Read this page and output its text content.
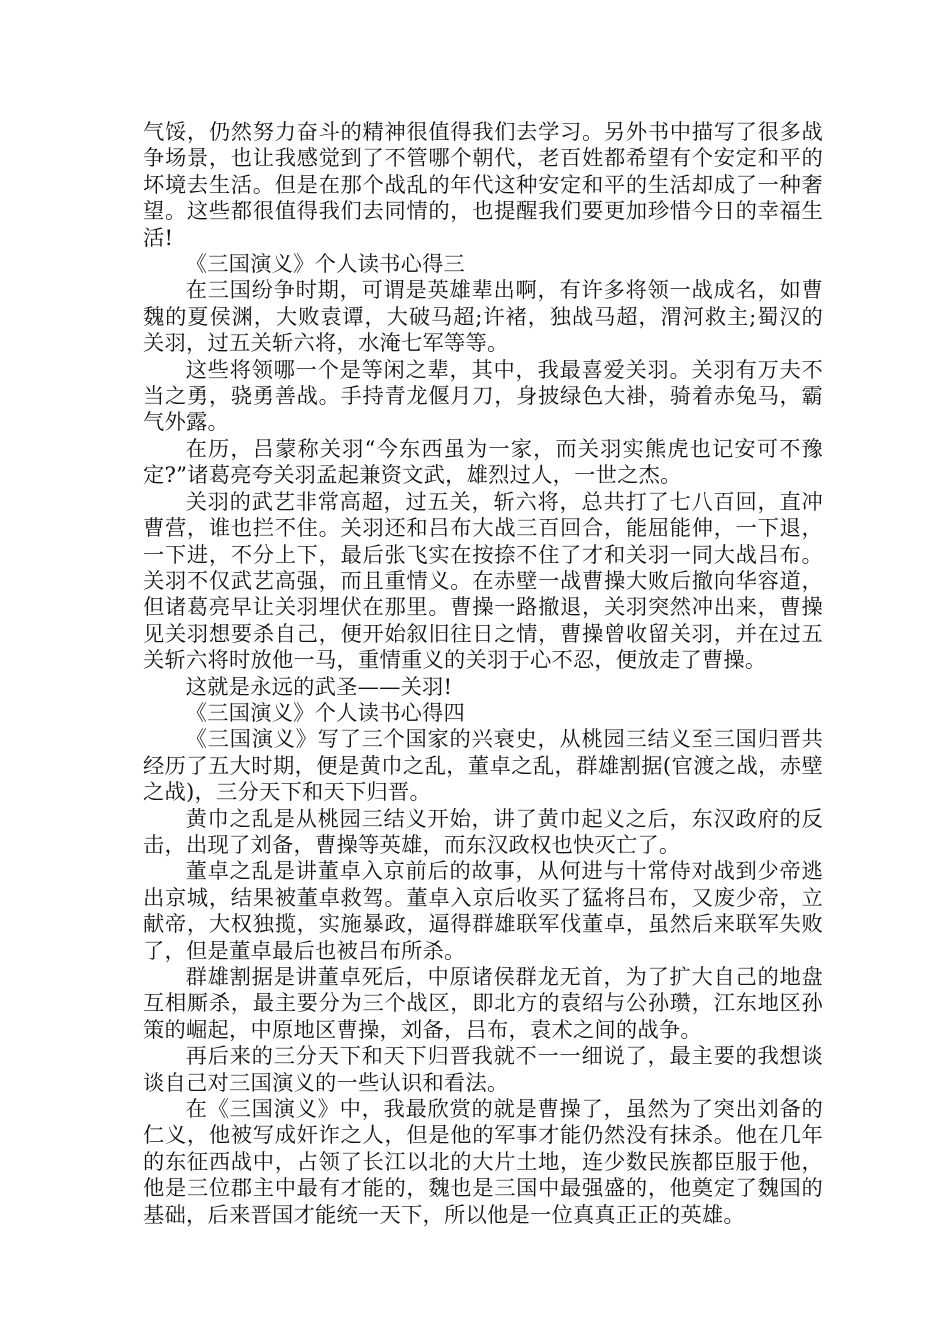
气馁，仍然努力奋斗的精神很值得我们去学习。另外书中描写了很多战争场景，也让我感觉到了不管哪个朝代，老百姓都希望有个安定和平的坏境去生活。但是在那个战乱的年代这种安定和平的生活却成了一种奢望。这些都很值得我们去同情的，也提醒我们要更加珍惜今日的幸福生活!

《三国演义》个人读书心得三

在三国纷争时期，可谓是英雄辈出啊，有许多将领一战成名，如曹魏的夏侯渊，大败袁谭，大破马超;许褚，独战马超，渭河救主;蜀汉的关羽，过五关斩六将，水淹七军等等。

这些将领哪一个是等闲之辈，其中，我最喜爱关羽。关羽有万夫不当之勇，骁勇善战。手持青龙偃月刀，身披绿色大褂，骑着赤兔马，霸气外露。

在历，吕蒙称关羽“今东西虽为一家，而关羽实熊虎也记安可不豫定?”诸葛亮夸关羽孟起兼资文武，雄烈过人，一世之杰。

关羽的武艺非常高超，过五关，斩六将，总共打了七八百回，直冲曹营，谁也拦不住。关羽还和吕布大战三百回合，能屈能伸，一下退，一下进，不分上下，最后张飞实在按捺不住了才和关羽一同大战吕布。关羽不仅武艺高强，而且重情义。在赤壁一战曹操大败后撤向华容道，但诸葛亮早让关羽埋伏在那里。曹操一路撤退，关羽突然冲出来，曹操见关羽想要杀自己，便开始叙旧往日之情，曹操曾收留关羽，并在过五关斩六将时放他一马，重情重义的关羽于心不忍，便放走了曹操。

这就是永远的武圣——关羽!

《三国演义》个人读书心得四

《三国演义》写了三个国家的兴衰史，从桃园三结义至三国归晋共经历了五大时期，便是黄巾之乱，董卓之乱，群雄割据(官渡之战，赤壁之战)，三分天下和天下归晋。

黄巾之乱是从桃园三结义开始，讲了黄巾起义之后，东汉政府的反击，出现了刘备，曹操等英雄，而东汉政权也快灭亡了。

董卓之乱是讲董卓入京前后的故事，从何进与十常侍对战到少帝逃出京城，结果被董卓救驾。董卓入京后收买了猛将吕布，又废少帝，立献帝，大权独揽，实施暴政，逼得群雄联军伐董卓，虽然后来联军失败了，但是董卓最后也被吕布所杀。

群雄割据是讲董卓死后，中原诸侯群龙无首，为了扩大自己的地盘互相厮杀，最主要分为三个战区，即北方的袁绍与公孙瓒，江东地区孙策的崛起，中原地区曹操，刘备，吕布，袁术之间的战争。

再后来的三分天下和天下归晋我就不一一细说了，最主要的我想谈谈自己对三国演义的一些认识和看法。

在《三国演义》中，我最欣赏的就是曹操了，虽然为了突出刘备的仁义，他被写成奸诈之人，但是他的军事才能仍然没有抹杀。他在几年的东征西战中，占领了长江以北的大片土地，连少数民族都臣服于他，他是三位郡主中最有才能的，魏也是三国中最强盛的，他奠定了魏国的基础，后来晋国才能统一天下，所以他是一位真真正正的英雄。
